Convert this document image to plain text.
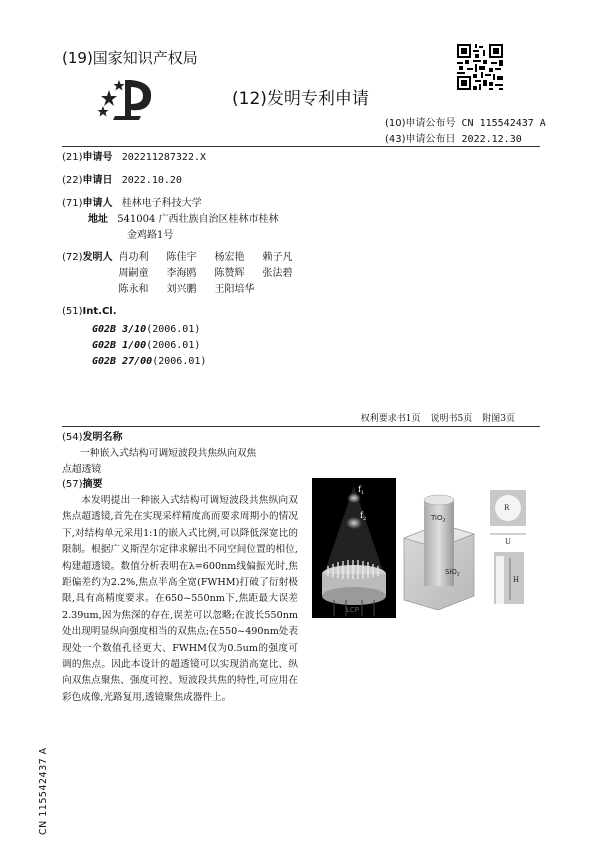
(19)国家知识产权局
(12)发明专利申请
(10)申请公布号 CN 115542437 A
(43)申请公布日 2022.12.30
(21)申请号 202211287322.X
(22)申请日 2022.10.20
(71)申请人 桂林电子科技大学
地址 541004 广西壮族自治区桂林市桂林
金鸡路1号
(72)发明人 肖功利 陈佳宇 杨宏艳 赖子凡
周嗣童 李海鸥 陈赞辉 张法碧
陈永和 刘兴鹏 王阳培华
(51)Int.Cl.
G02B 3/10(2006.01)
G02B 1/00(2006.01)
G02B 27/00(2006.01)
权利要求书1页 说明书5页 附图3页
(54)发明名称
一种嵌入式结构可调短波段共焦纵向双焦
点超透镜
(57)摘要
本发明提出一种嵌入式结构可调短波段共焦纵向双焦点超透镜,首先在实现采样精度高而要求周期小的情况下,对结构单元采用1:1的嵌入式比例,可以降低深宽比的限制。根据广义斯涅尔定律求解出不同空间位置的相位,构建超透镜。数值分析表明在λ=600nm线偏振光时,焦距偏差约为2.2%,焦点半高全宽(FWHM)打破了衍射极限,具有高精度要求。在650~550nm下,焦距最大误差2.39um,因为焦深的存在,误差可以忽略;在波长550nm处出现明显纵向强度相当的双焦点;在550~490nm处表现处一个数值孔径更大、FWHM仅为0.5um的强度可调的焦点。因此本设计的超透镜可以实现消高宽比、纵向双焦点聚焦、强度可控、短波段共焦的特性,可应用在彩色成像,光路复用,透镜聚焦成器件上。
$f_1$
$f_2$
LCP
TiO$_2$
SiO$_2$
R
U
H
CN 115542437 A
